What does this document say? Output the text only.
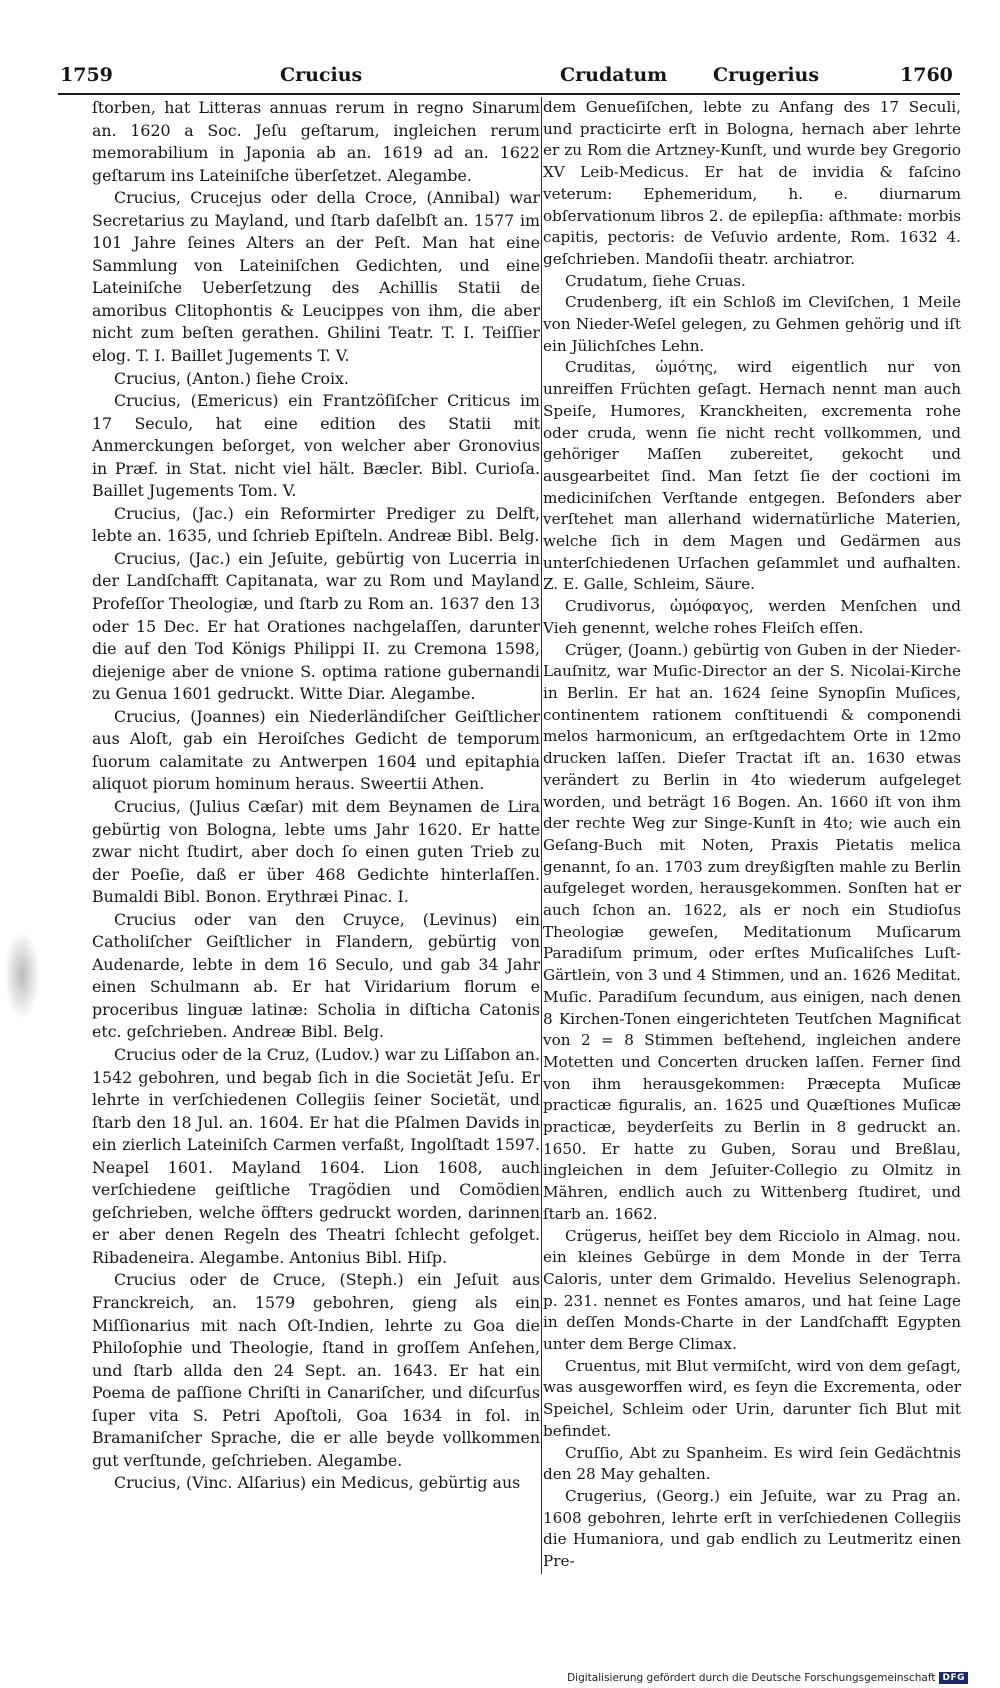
1759	Crucius	Crudatum Crugerius	1760

ſtorben, hat Litteras annuas rerum in regno Sinarum an. 1620 a Soc. Jeſu geſtarum, ingleichen rerum memorabilium in Japonia ab an. 1619 ad an. 1622 geſtarum ins Lateiniſche überſetzet. Alegambe.

Crucius, Crucejus oder della Croce, (Annibal) war Secretarius zu Mayland, und ſtarb daſelbſt an. 1577 im 101 Jahre ſeines Alters an der Peſt. Man hat eine Sammlung von Lateiniſchen Gedichten, und eine Lateiniſche Ueberſetzung des Achillis Statii de amoribus Clitophontis & Leucippes von ihm, die aber nicht zum beſten gerathen. Ghilini Teatr. T. I. Teiſſier elog. T. I. Baillet Jugements T. V.

Crucius, (Anton.) ſiehe Croix.

Crucius, (Emericus) ein Frantzöſiſcher Criticus im 17 Seculo, hat eine edition des Statii mit Anmerckungen beſorget, von welcher aber Gronovius in Præf. in Stat. nicht viel hält. Bæcler. Bibl. Curioſa. Baillet Jugements Tom. V.

Crucius, (Jac.) ein Reformirter Prediger zu Delft, lebte an. 1635, und ſchrieb Epiſteln. Andreæ Bibl. Belg.

Crucius, (Jac.) ein Jeſuite, gebürtig von Lucerria in der Landſchafft Capitanata, war zu Rom und Mayland Profeſſor Theologiæ, und ſtarb zu Rom an. 1637 den 13 oder 15 Dec. Er hat Orationes nachgelaſſen, darunter die auf den Tod Königs Philippi II. zu Cremona 1598, diejenige aber de vnione S. optima ratione gubernandi zu Genua 1601 gedruckt. Witte Diar. Alegambe.

Crucius, (Joannes) ein Niederländiſcher Geiſtlicher aus Aloſt, gab ein Heroiſches Gedicht de temporum ſuorum calamitate zu Antwerpen 1604 und epitaphia aliquot piorum hominum heraus. Sweertii Athen.

Crucius, (Julius Cæſar) mit dem Beynamen de Lira gebürtig von Bologna, lebte ums Jahr 1620. Er hatte zwar nicht ſtudirt, aber doch ſo einen guten Trieb zu der Poeſie, daß er über 468 Gedichte hinterlaſſen. Bumaldi Bibl. Bonon. Erythræi Pinac. I.

Crucius oder van den Cruyce, (Levinus) ein Catholiſcher Geiſtlicher in Flandern, gebürtig von Audenarde, lebte in dem 16 Seculo, und gab 34 Jahr einen Schulmann ab. Er hat Viridarium florum e proceribus linguæ latinæ: Scholia in diſticha Catonis etc. geſchrieben. Andreæ Bibl. Belg.

Crucius oder de la Cruz, (Ludov.) war zu Liſſabon an. 1542 gebohren, und begab ſich in die Societät Jeſu. Er lehrte in verſchiedenen Collegiis ſeiner Societät, und ſtarb den 18 Jul. an. 1604. Er hat die Pſalmen Davids in ein zierlich Lateiniſch Carmen verfaßt, Ingolſtadt 1597. Neapel 1601. Mayland 1604. Lion 1608, auch verſchiedene geiſtliche Tragödien und Comödien geſchrieben, welche öffters gedruckt worden, darinnen er aber denen Regeln des Theatri ſchlecht gefolget. Ribadeneira. Alegambe. Antonius Bibl. Hiſp.

Crucius oder de Cruce, (Steph.) ein Jeſuit aus Franckreich, an. 1579 gebohren, gieng als ein Miſſionarius mit nach Oſt-Indien, lehrte zu Goa die Philoſophie und Theologie, ſtand in groſſem Anſehen, und ſtarb allda den 24 Sept. an. 1643. Er hat ein Poema de paſſione Chriſti in Canariſcher, und diſcurſus ſuper vita S. Petri Apoſtoli, Goa 1634 in fol. in Bramaniſcher Sprache, die er alle beyde vollkommen gut verſtunde, geſchrieben. Alegambe.

Crucius, (Vinc. Alſarius) ein Medicus, gebürtig aus

dem Genueſiſchen, lebte zu Anfang des 17 Seculi, und practicirte erſt in Bologna, hernach aber lehrte er zu Rom die Artzney-Kunſt, und wurde bey Gregorio XV Leib-Medicus. Er hat de invidia & faſcino veterum: Ephemeridum, h. e. diurnarum obſervationum libros 2. de epilepſia: aſthmate: morbis capitis, pectoris: de Veſuvio ardente, Rom. 1632 4. geſchrieben. Mandoſii theatr. archiatror.

Crudatum, ſiehe Cruas.

Crudenberg, iſt ein Schloß im Cleviſchen, 1 Meile von Nieder-Weſel gelegen, zu Gehmen gehörig und iſt ein Jülichſches Lehn.

Cruditas, ὠμότης, wird eigentlich nur von unreiffen Früchten geſagt. Hernach nennt man auch Speiſe, Humores, Kranckheiten, excrementa rohe oder cruda, wenn ſie nicht recht vollkommen, und gehöriger Maſſen zubereitet, gekocht und ausgearbeitet ſind. Man ſetzt ſie der coctioni im mediciniſchen Verſtande entgegen. Beſonders aber verſtehet man allerhand widernatürliche Materien, welche ſich in dem Magen und Gedärmen aus unterſchiedenen Urſachen geſammlet und aufhalten. Z. E. Galle, Schleim, Säure.

Crudivorus, ὠμόφαγος, werden Menſchen und Vieh genennt, welche rohes Fleiſch eſſen.

Crüger, (Joann.) gebürtig von Guben in der Nieder-Lauſnitz, war Muſic-Director an der S. Nicolai-Kirche in Berlin. Er hat an. 1624 ſeine Synopſin Muſices, continentem rationem conſtituendi & componendi melos harmonicum, an erſtgedachtem Orte in 12mo drucken laſſen. Dieſer Tractat iſt an. 1630 etwas verändert zu Berlin in 4to wiederum aufgeleget worden, und beträgt 16 Bogen. An. 1660 iſt von ihm der rechte Weg zur Singe-Kunſt in 4to; wie auch ein Geſang-Buch mit Noten, Praxis Pietatis melica genannt, ſo an. 1703 zum dreyßigſten mahle zu Berlin aufgeleget worden, herausgekommen. Sonſten hat er auch ſchon an. 1622, als er noch ein Studioſus Theologiæ geweſen, Meditationum Muſicarum Paradiſum primum, oder erſtes Muſicaliſches Luſt-Gärtlein, von 3 und 4 Stimmen, und an. 1626 Meditat. Muſic. Paradiſum ſecundum, aus einigen, nach denen 8 Kirchen-Tonen eingerichteten Teutſchen Magnificat von 2 = 8 Stimmen beſtehend, ingleichen andere Motetten und Concerten drucken laſſen. Ferner ſind von ihm herausgekommen: Præcepta Muſicæ practicæ figuralis, an. 1625 und Quæſtiones Muſicæ practicæ, beyderſeits zu Berlin in 8 gedruckt an. 1650. Er hatte zu Guben, Sorau und Breßlau, ingleichen in dem Jeſuiter-Collegio zu Olmitz in Mähren, endlich auch zu Wittenberg ſtudiret, und ſtarb an. 1662.

Crügerus, heiſſet bey dem Ricciolo in Almag. nou. ein kleines Gebürge in dem Monde in der Terra Caloris, unter dem Grimaldo. Hevelius Selenograph. p. 231. nennet es Fontes amaros, und hat ſeine Lage in deſſen Monds-Charte in der Landſchafft Egypten unter dem Berge Climax.

Cruentus, mit Blut vermiſcht, wird von dem geſagt, was ausgeworffen wird, es ſeyn die Excrementa, oder Speichel, Schleim oder Urin, darunter ſich Blut mit befindet.

Cruſſio, Abt zu Spanheim. Es wird ſein Gedächtnis den 28 May gehalten.

Crugerius, (Georg.) ein Jeſuite, war zu Prag an. 1608 gebohren, lehrte erſt in verſchiedenen Collegiis die Humaniora, und gab endlich zu Leutmeritz einen Pre-

Digitalisierung gefördert durch die Deutsche Forschungsgemeinschaft DFG
